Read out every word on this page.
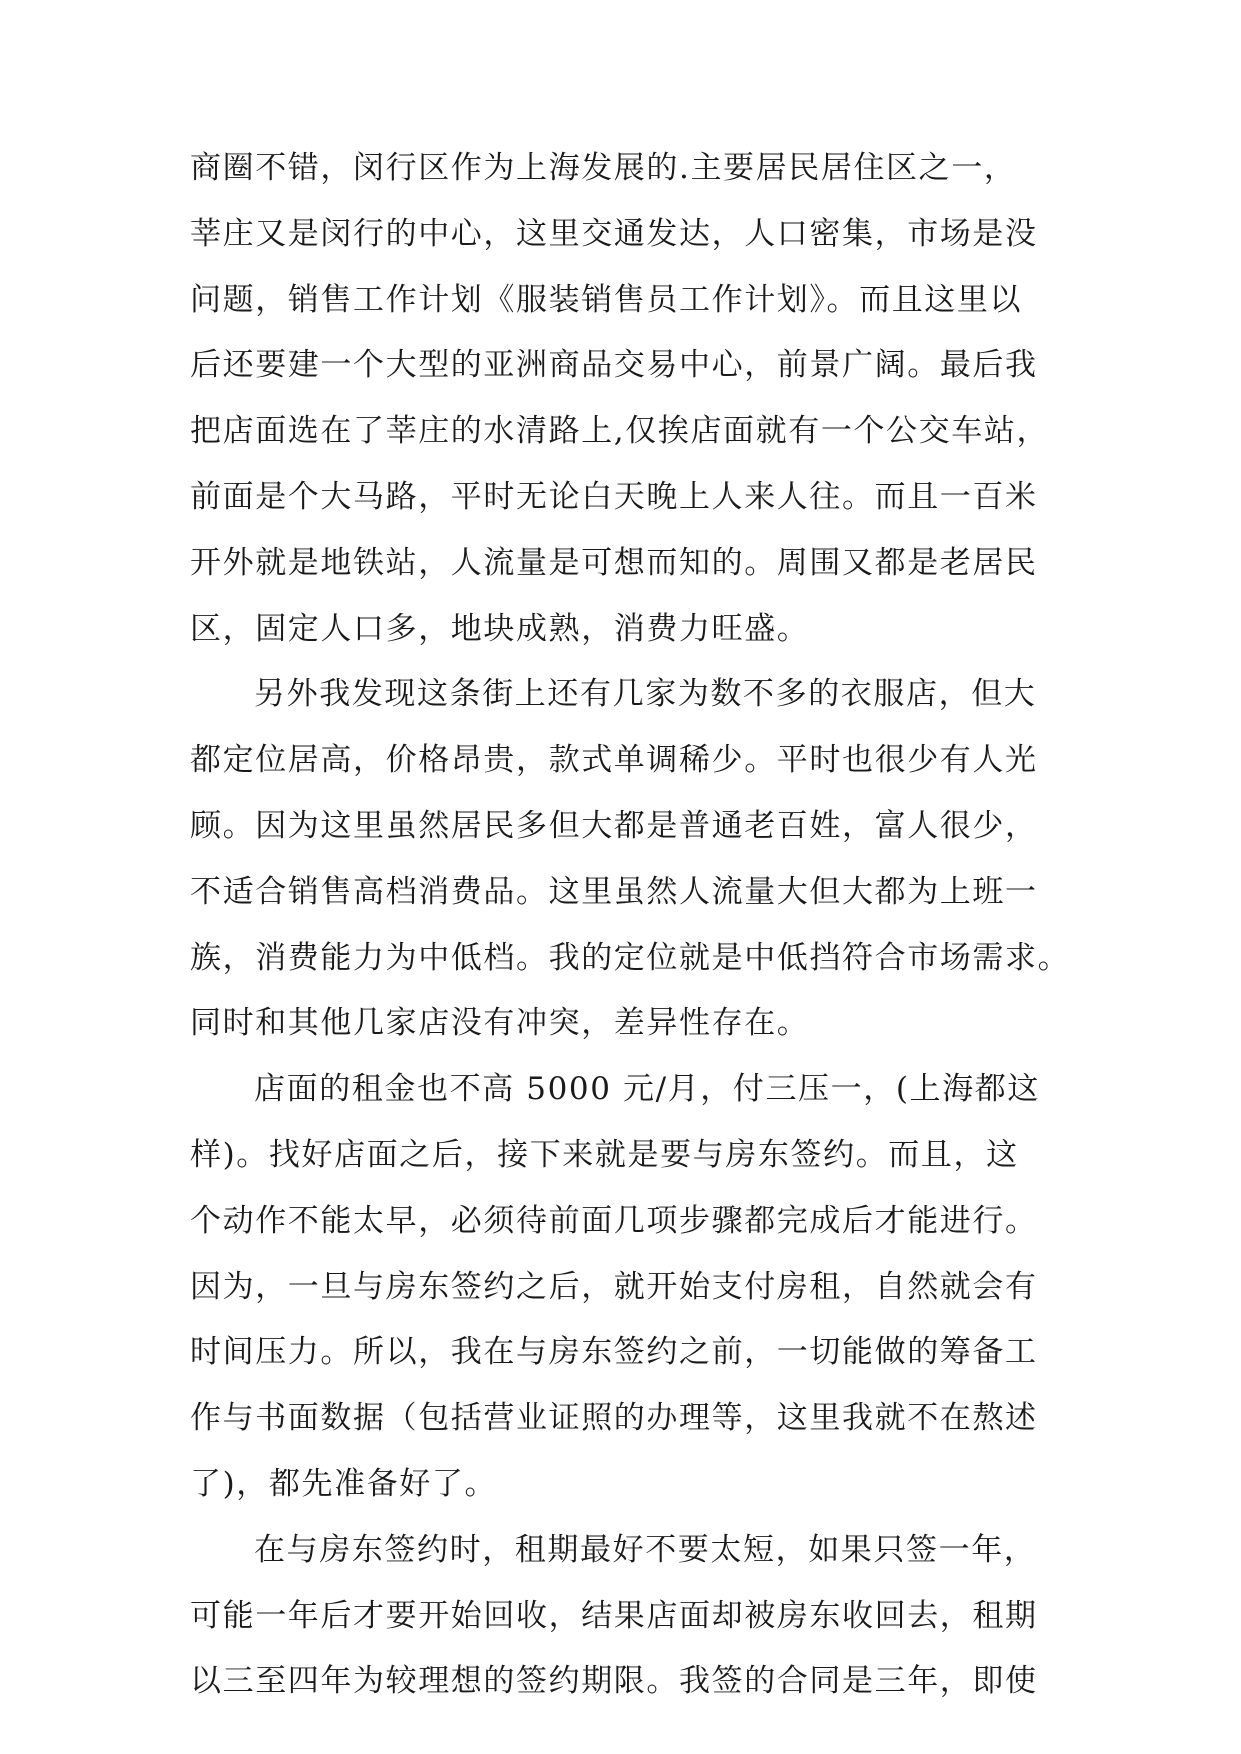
商圈不错，闵行区作为上海发展的.主要居民居住区之一，
莘庄又是闵行的中心，这里交通发达，人口密集，市场是没
问题，销售工作计划《服装销售员工作计划》。而且这里以
后还要建一个大型的亚洲商品交易中心，前景广阔。最后我
把店面选在了莘庄的水清路上,仅挨店面就有一个公交车站，
前面是个大马路，平时无论白天晚上人来人往。而且一百米
开外就是地铁站，人流量是可想而知的。周围又都是老居民
区，固定人口多，地块成熟，消费力旺盛。
另外我发现这条街上还有几家为数不多的衣服店，但大
都定位居高，价格昂贵，款式单调稀少。平时也很少有人光
顾。因为这里虽然居民多但大都是普通老百姓，富人很少，
不适合销售高档消费品。这里虽然人流量大但大都为上班一
族，消费能力为中低档。我的定位就是中低挡符合市场需求。
同时和其他几家店没有冲突，差异性存在。
店面的租金也不高 5000 元/月，付三压一，(上海都这
样)。找好店面之后，接下来就是要与房东签约。而且，这
个动作不能太早，必须待前面几项步骤都完成后才能进行。
因为，一旦与房东签约之后，就开始支付房租，自然就会有
时间压力。所以，我在与房东签约之前，一切能做的筹备工
作与书面数据（包括营业证照的办理等，这里我就不在熬述
了)，都先准备好了。
在与房东签约时，租期最好不要太短，如果只签一年，
可能一年后才要开始回收，结果店面却被房东收回去，租期
以三至四年为较理想的签约期限。我签的合同是三年，即使
